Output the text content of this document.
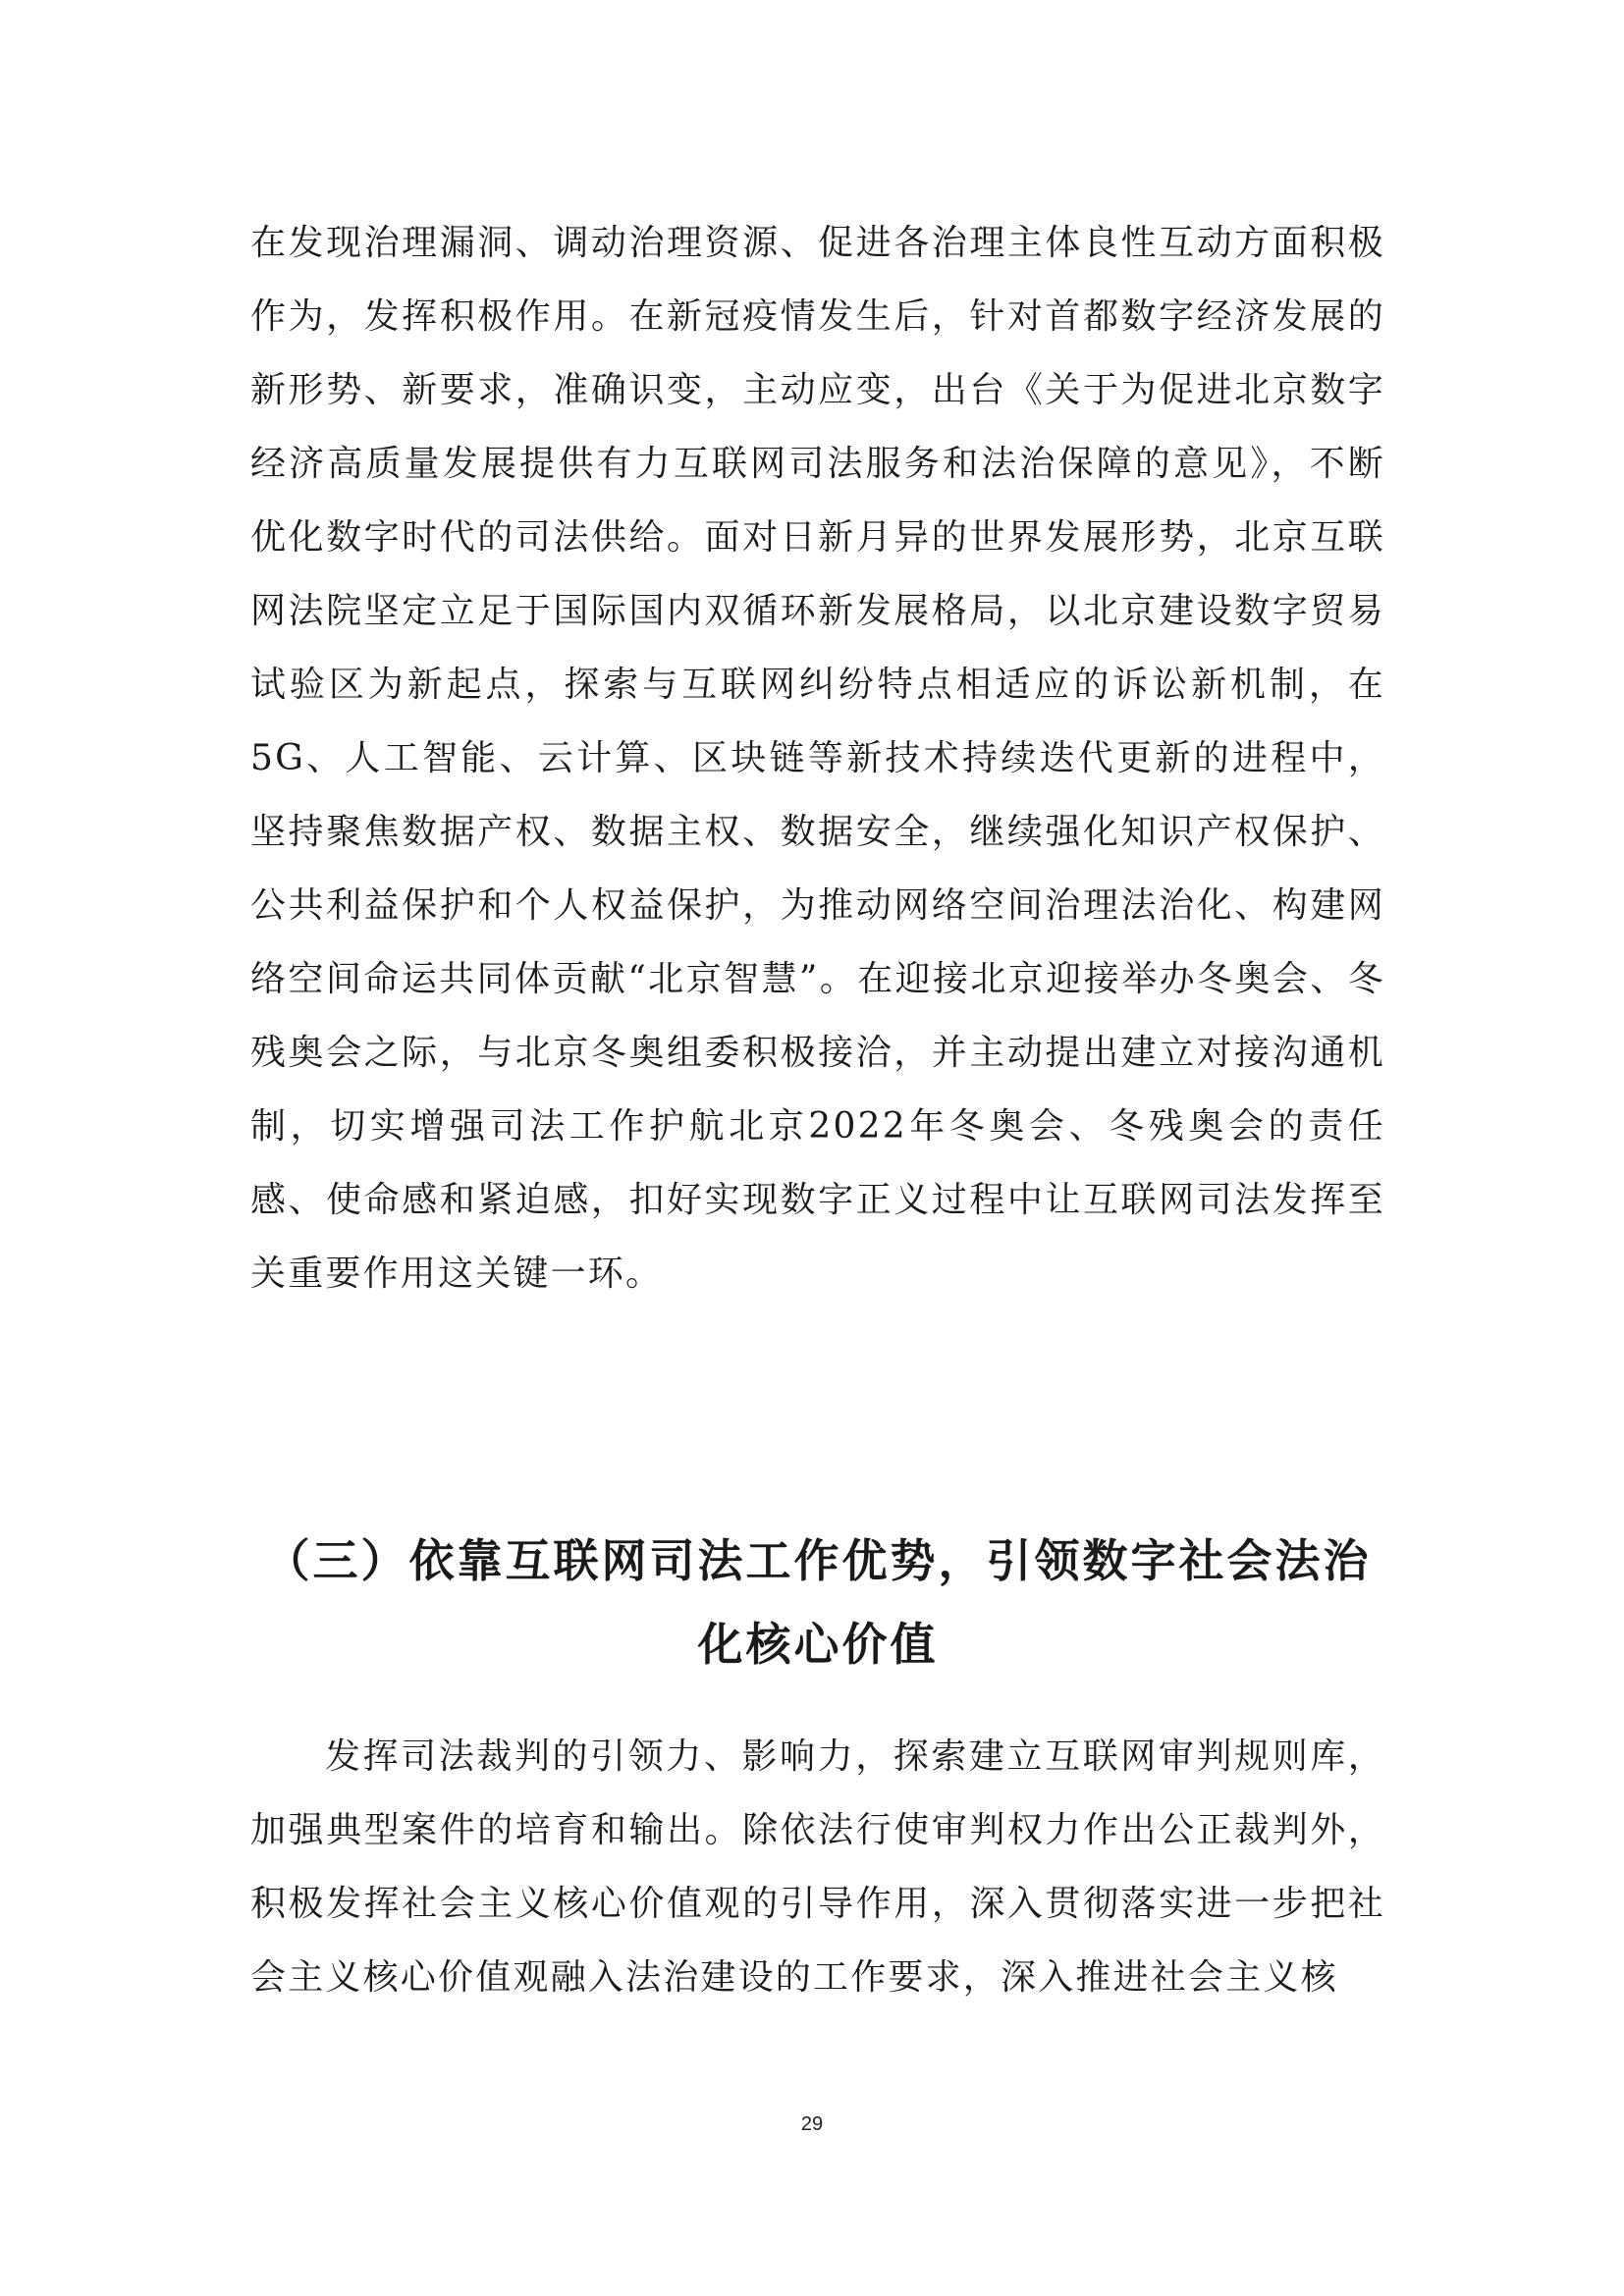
在发现治理漏洞、调动治理资源、促进各治理主体良性互动方面积极作为，发挥积极作用。在新冠疫情发生后，针对首都数字经济发展的新形势、新要求，准确识变，主动应变，出台《关于为促进北京数字经济高质量发展提供有力互联网司法服务和法治保障的意见》，不断优化数字时代的司法供给。面对日新月异的世界发展形势，北京互联网法院坚定立足于国际国内双循环新发展格局，以北京建设数字贸易试验区为新起点，探索与互联网纠纷特点相适应的诉讼新机制，在5G、人工智能、云计算、区块链等新技术持续迭代更新的进程中，坚持聚焦数据产权、数据主权、数据安全，继续强化知识产权保护、公共利益保护和个人权益保护，为推动网络空间治理法治化、构建网络空间命运共同体贡献“北京智慧”。在迎接北京迎接举办冬奥会、冬残奥会之际，与北京冬奥组委积极接洽，并主动提出建立对接沟通机制，切实增强司法工作护航北京2022年冬奥会、冬残奥会的责任感、使命感和紧迫感，扣好实现数字正义过程中让互联网司法发挥至关重要作用这关键一环。

（三）依靠互联网司法工作优势，引领数字社会法治化核心价值

发挥司法裁判的引领力、影响力，探索建立互联网审判规则库，加强典型案件的培育和输出。除依法行使审判权力作出公正裁判外，积极发挥社会主义核心价值观的引导作用，深入贯彻落实进一步把社会主义核心价值观融入法治建设的工作要求，深入推进社会主义核

29
